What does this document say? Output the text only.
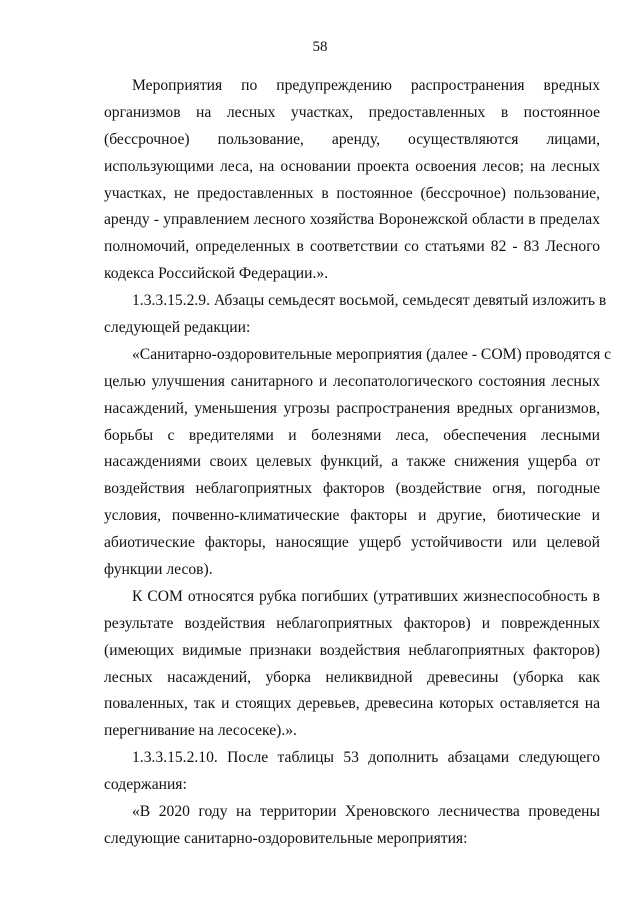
58
Мероприятия по предупреждению распространения вредных
организмов на лесных участках, предоставленных в постоянное
(бессрочное) пользование, аренду, осуществляются лицами,
использующими леса, на основании проекта освоения лесов; на лесных
участках, не предоставленных в постоянное (бессрочное) пользование,
аренду - управлением лесного хозяйства Воронежской области в пределах
полномочий, определенных в соответствии со статьями 82 - 83 Лесного
кодекса Российской Федерации.».
1.3.3.15.2.9. Абзацы семьдесят восьмой, семьдесят девятый изложить в
следующей редакции:
«Санитарно-оздоровительные мероприятия (далее - СОМ) проводятся с
целью улучшения санитарного и лесопатологического состояния лесных
насаждений, уменьшения угрозы распространения вредных организмов,
борьбы с вредителями и болезнями леса, обеспечения лесными
насаждениями своих целевых функций, а также снижения ущерба от
воздействия неблагоприятных факторов (воздействие огня, погодные
условия, почвенно-климатические факторы и другие, биотические и
абиотические факторы, наносящие ущерб устойчивости или целевой
функции лесов).
К СОМ относятся рубка погибших (утративших жизнеспособность в
результате воздействия неблагоприятных факторов) и поврежденных
(имеющих видимые признаки воздействия неблагоприятных факторов)
лесных насаждений, уборка неликвидной древесины (уборка как
поваленных, так и стоящих деревьев, древесина которых оставляется на
перегнивание на лесосеке).».
1.3.3.15.2.10. После таблицы 53 дополнить абзацами следующего
содержания:
«В 2020 году на территории Хреновского лесничества проведены
следующие санитарно-оздоровительные мероприятия:
